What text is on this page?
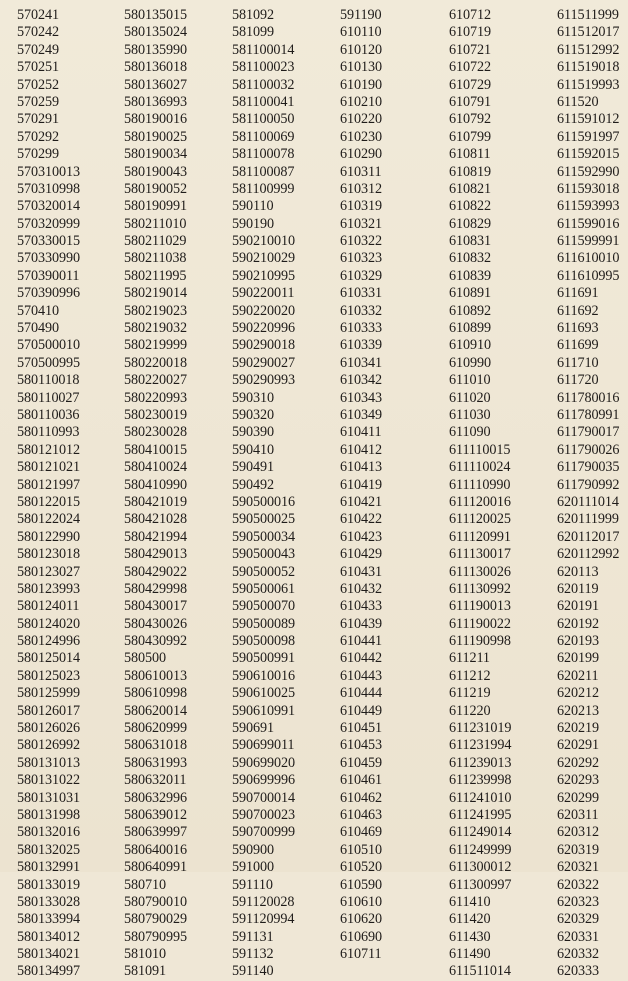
570241
570242
570249
570251
570252
570259
570291
570292
570299
570310013
570310998
570320014
570320999
570330015
570330990
570390011
570390996
570410
570490
570500010
570500995
580110018
580110027
580110036
580110993
580121012
580121021
580121997
580122015
580122024
580122990
580123018
580123027
580123993
580124011
580124020
580124996
580125014
580125023
580125999
580126017
580126026
580126992
580131013
580131022
580131031
580131998
580132016
580132025
580132991
580133019
580133028
580133994
580134012
580134021
580134997
580135015
580135024
580135990
580136018
580136027
580136993
580190016
580190025
580190034
580190043
580190052
580190991
580211010
580211029
580211038
580211995
580219014
580219023
580219032
580219999
580220018
580220027
580220993
580230019
580230028
580410015
580410024
580410990
580421019
580421028
580421994
580429013
580429022
580429998
580430017
580430026
580430992
580500
580610013
580610998
580620014
580620999
580631018
580631993
580632011
580632996
580639012
580639997
580640016
580640991
580710
580790010
580790029
580790995
581010
581091
581092
581099
581100014
581100023
581100032
581100041
581100050
581100069
581100078
581100087
581100999
590110
590190
590210010
590210029
590210995
590220011
590220020
590220996
590290018
590290027
590290993
590310
590320
590390
590410
590491
590492
590500016
590500025
590500034
590500043
590500052
590500061
590500070
590500089
590500098
590500991
590610016
590610025
590610991
590691
590699011
590699020
590699996
590700014
590700023
590700999
590900
591000
591110
591120028
591120994
591131
591132
591140
591190
610110
610120
610130
610190
610210
610220
610230
610290
610311
610312
610319
610321
610322
610323
610329
610331
610332
610333
610339
610341
610342
610343
610349
610411
610412
610413
610419
610421
610422
610423
610429
610431
610432
610433
610439
610441
610442
610443
610444
610449
610451
610453
610459
610461
610462
610463
610469
610510
610520
610590
610610
610620
610690
610711
610712
610719
610721
610722
610729
610791
610792
610799
610811
610819
610821
610822
610829
610831
610832
610839
610891
610892
610899
610910
610990
611010
611020
611030
611090
611110015
611110024
611110990
611120016
611120025
611120991
611130017
611130026
611130992
611190013
611190022
611190998
611211
611212
611219
611220
611231019
611231994
611239013
611239998
611241010
611241995
611249014
611249999
611300012
611300997
611410
611420
611430
611490
611511014
611511999
611512017
611512992
611519018
611519993
611520
611591012
611591997
611592015
611592990
611593018
611593993
611599016
611599991
611610010
611610995
611691
611692
611693
611699
611710
611720
611780016
611780991
611790017
611790026
611790035
611790992
620111014
620111999
620112017
620112992
620113
620119
620191
620192
620193
620199
620211
620212
620213
620219
620291
620292
620293
620299
620311
620312
620319
620321
620322
620323
620329
620331
620332
620333
